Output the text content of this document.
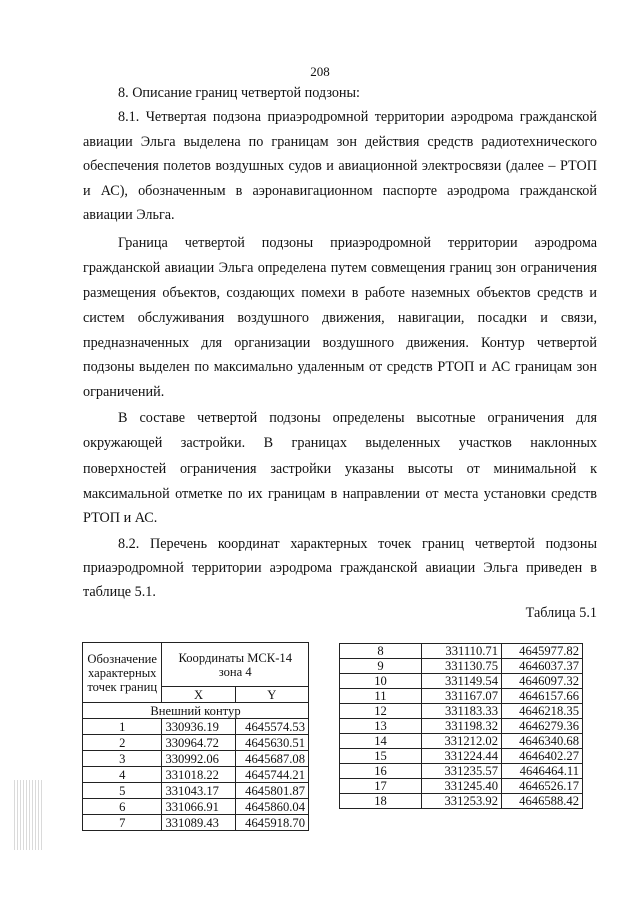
208
8. Описание границ четвертой подзоны:
8.1. Четвертая подзона приаэродромной территории аэродрома гражданской
авиации Эльга выделена по границам зон действия средств радиотехнического
обеспечения полетов воздушных судов и авиационной электросвязи (далее – РТОП
и АС), обозначенным в аэронавигационном паспорте аэродрома гражданской
авиации Эльга.
Граница четвертой подзоны приаэродромной территории аэродрома
гражданской авиации Эльга определена путем совмещения границ зон ограничения
размещения объектов, создающих помехи в работе наземных объектов средств и
систем обслуживания воздушного движения, навигации, посадки и связи,
предназначенных для организации воздушного движения. Контур четвертой
подзоны выделен по максимально удаленным от средств РТОП и АС границам зон
ограничений.
В составе четвертой подзоны определены высотные ограничения для
окружающей застройки. В границах выделенных участков наклонных
поверхностей ограничения застройки указаны высоты от минимальной к
максимальной отметке по их границам в направлении от места установки средств
РТОП и АС.
8.2. Перечень координат характерных точек границ четвертой подзоны
приаэродромной территории аэродрома гражданской авиации Эльга приведен в
таблице 5.1.
Таблица 5.1
Обозначение характерных точек границ	Координаты МСК-14 зона 4	
	X	Y
Внешний контур		
1	330936.19	4645574.53
2	330964.72	4645630.51
3	330992.06	4645687.08
4	331018.22	4645744.21
5	331043.17	4645801.87
6	331066.91	4645860.04
7	331089.43	4645918.70
8	331110.71	4645977.82
9	331130.75	4646037.37
10	331149.54	4646097.32
11	331167.07	4646157.66
12	331183.33	4646218.35
13	331198.32	4646279.36
14	331212.02	4646340.68
15	331224.44	4646402.27
16	331235.57	4646464.11
17	331245.40	4646526.17
18	331253.92	4646588.42
